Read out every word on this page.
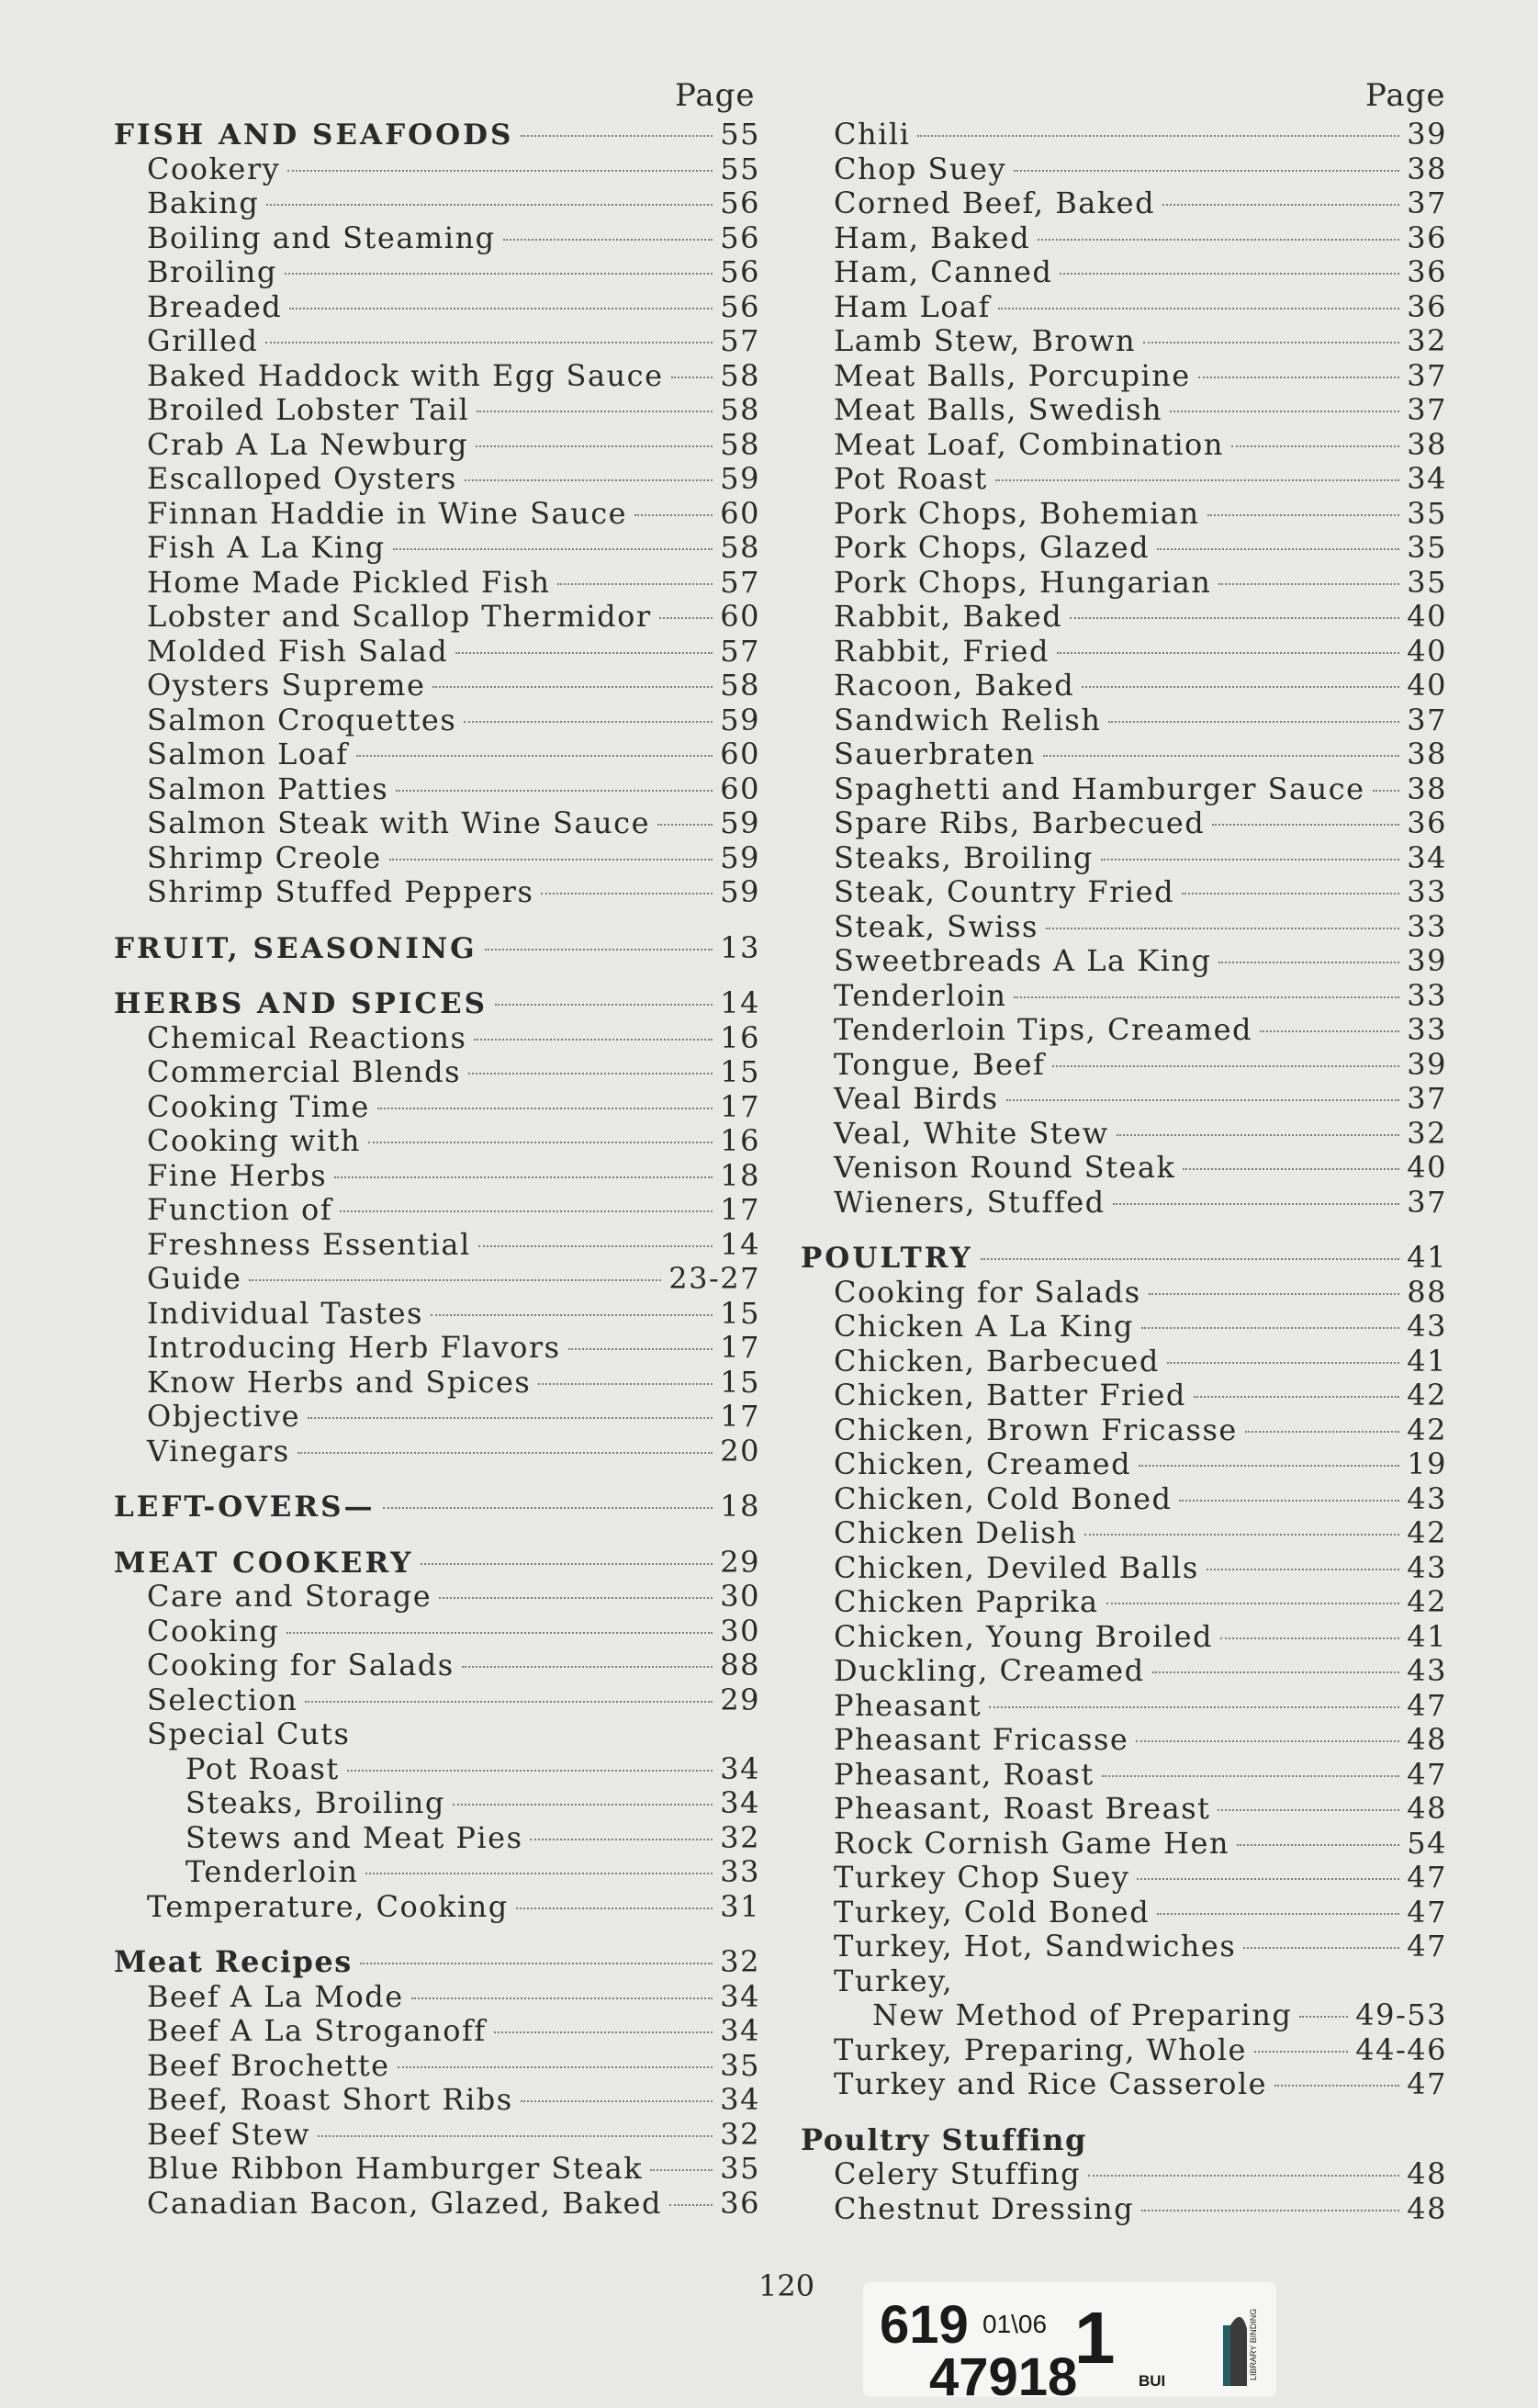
Page	Page
FISH AND SEAFOODS	55
Cookery	55
Baking	56
Boiling and Steaming	56
Broiling	56
Breaded	56
Grilled	57
Baked Haddock with Egg Sauce 58
Broiled Lobster Tail	58
Crab A La Newburg	58
Escalloped Oysters	59
Finnan Haddie in Wine Sauce	60
Fish A La King	58
Home Made Pickled Fish	57
Lobster and Scallop Thermidor 60
Molded Fish Salad	57
Oysters Supreme	58
Salmon Croquettes	59
Salmon Loaf	60
Salmon Patties	60
Salmon Steak with Wine Sauce 59
Shrimp Creole	59
Shrimp Stuffed Peppers	59
FRUIT, SEASONING	13
HERBS AND SPICES	14
Chemical Reactions	16
Commercial Blends	15
Cooking Time	17
Cooking with	16
Fine Herbs	18
Function of	17
Freshness Essential	14
Guide	23-27
Individual Tastes	15
Introducing Herb Flavors	17
Know Herbs and Spices	15
Objective	17
Vinegars	20
LEFT-OVERS—	18
MEAT COOKERY	29
Care and Storage	30
Cooking	30
Cooking for Salads	88
Selection	29
Special Cuts
Pot Roast	34
Steaks, Broiling	34
Stews and Meat Pies	32
Tenderloin	33
Temperature, Cooking	31
Meat Recipes	32
Beef A La Mode	34
Beef A La Stroganoff	34
Beef Brochette	35
Beef, Roast Short Ribs	34
Beef Stew	32
Blue Ribbon Hamburger Steak	35
Canadian Bacon, Glazed, Baked 36
Chili	39
Chop Suey	38
Corned Beef, Baked	37
Ham, Baked	36
Ham, Canned	36
Ham Loaf	36
Lamb Stew, Brown	32
Meat Balls, Porcupine	37
Meat Balls, Swedish	37
Meat Loaf, Combination	38
Pot Roast	34
Pork Chops, Bohemian	35
Pork Chops, Glazed	35
Pork Chops, Hungarian	35
Rabbit, Baked	40
Rabbit, Fried	40
Racoon, Baked	40
Sandwich Relish	37
Sauerbraten	38
Spaghetti and Hamburger Sauce 38
Spare Ribs, Barbecued	36
Steaks, Broiling	34
Steak, Country Fried	33
Steak, Swiss	33
Sweetbreads A La King	39
Tenderloin	33
Tenderloin Tips, Creamed	33
Tongue, Beef	39
Veal Birds	37
Veal, White Stew	32
Venison Round Steak	40
Wieners, Stuffed	37
POULTRY	41
Cooking for Salads	88
Chicken A La King	43
Chicken, Barbecued	41
Chicken, Batter Fried	42
Chicken, Brown Fricasse	42
Chicken, Creamed	19
Chicken, Cold Boned	43
Chicken Delish	42
Chicken, Deviled Balls	43
Chicken Paprika	42
Chicken, Young Broiled	41
Duckling, Creamed	43
Pheasant	47
Pheasant Fricasse	48
Pheasant, Roast	47
Pheasant, Roast Breast	48
Rock Cornish Game Hen	54
Turkey Chop Suey	47
Turkey, Cold Boned	47
Turkey, Hot, Sandwiches	47
Turkey,
New Method of Preparing 49-53
Turkey, Preparing, Whole	44-46
Turkey and Rice Casserole	47
Poultry Stuffing
Celery Stuffing	48
Chestnut Dressing	48
120
619 01\06 1
47918	BUI
LIBRARY BINDING
